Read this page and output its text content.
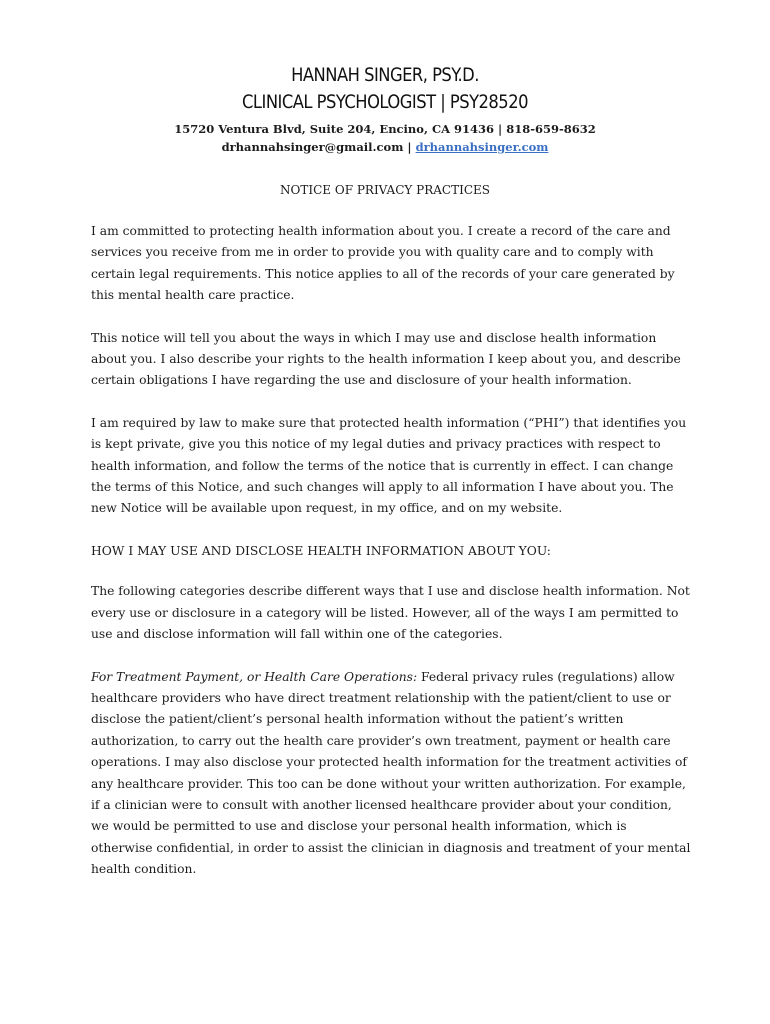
HANNAH SINGER, PSY.D.
CLINICAL PSYCHOLOGIST | PSY28520
15720 Ventura Blvd, Suite 204, Encino, CA 91436 | 818-659-8632
drhannahsinger@gmail.com | drhannahsinger.com
NOTICE OF PRIVACY PRACTICES

I am committed to protecting health information about you. I create a record of the care and services you receive from me in order to provide you with quality care and to comply with certain legal requirements. This notice applies to all of the records of your care generated by this mental health care practice.

This notice will tell you about the ways in which I may use and disclose health information about you. I also describe your rights to the health information I keep about you, and describe certain obligations I have regarding the use and disclosure of your health information.

I am required by law to make sure that protected health information (“PHI”) that identifies you is kept private, give you this notice of my legal duties and privacy practices with respect to health information, and follow the terms of the notice that is currently in effect. I can change the terms of this Notice, and such changes will apply to all information I have about you. The new Notice will be available upon request, in my office, and on my website.

HOW I MAY USE AND DISCLOSE HEALTH INFORMATION ABOUT YOU:

The following categories describe different ways that I use and disclose health information. Not every use or disclosure in a category will be listed. However, all of the ways I am permitted to use and disclose information will fall within one of the categories.

For Treatment Payment, or Health Care Operations: Federal privacy rules (regulations) allow healthcare providers who have direct treatment relationship with the patient/client to use or disclose the patient/client’s personal health information without the patient’s written authorization, to carry out the health care provider’s own treatment, payment or health care operations. I may also disclose your protected health information for the treatment activities of any healthcare provider. This too can be done without your written authorization. For example, if a clinician were to consult with another licensed healthcare provider about your condition, we would be permitted to use and disclose your personal health information, which is otherwise confidential, in order to assist the clinician in diagnosis and treatment of your mental health condition.
